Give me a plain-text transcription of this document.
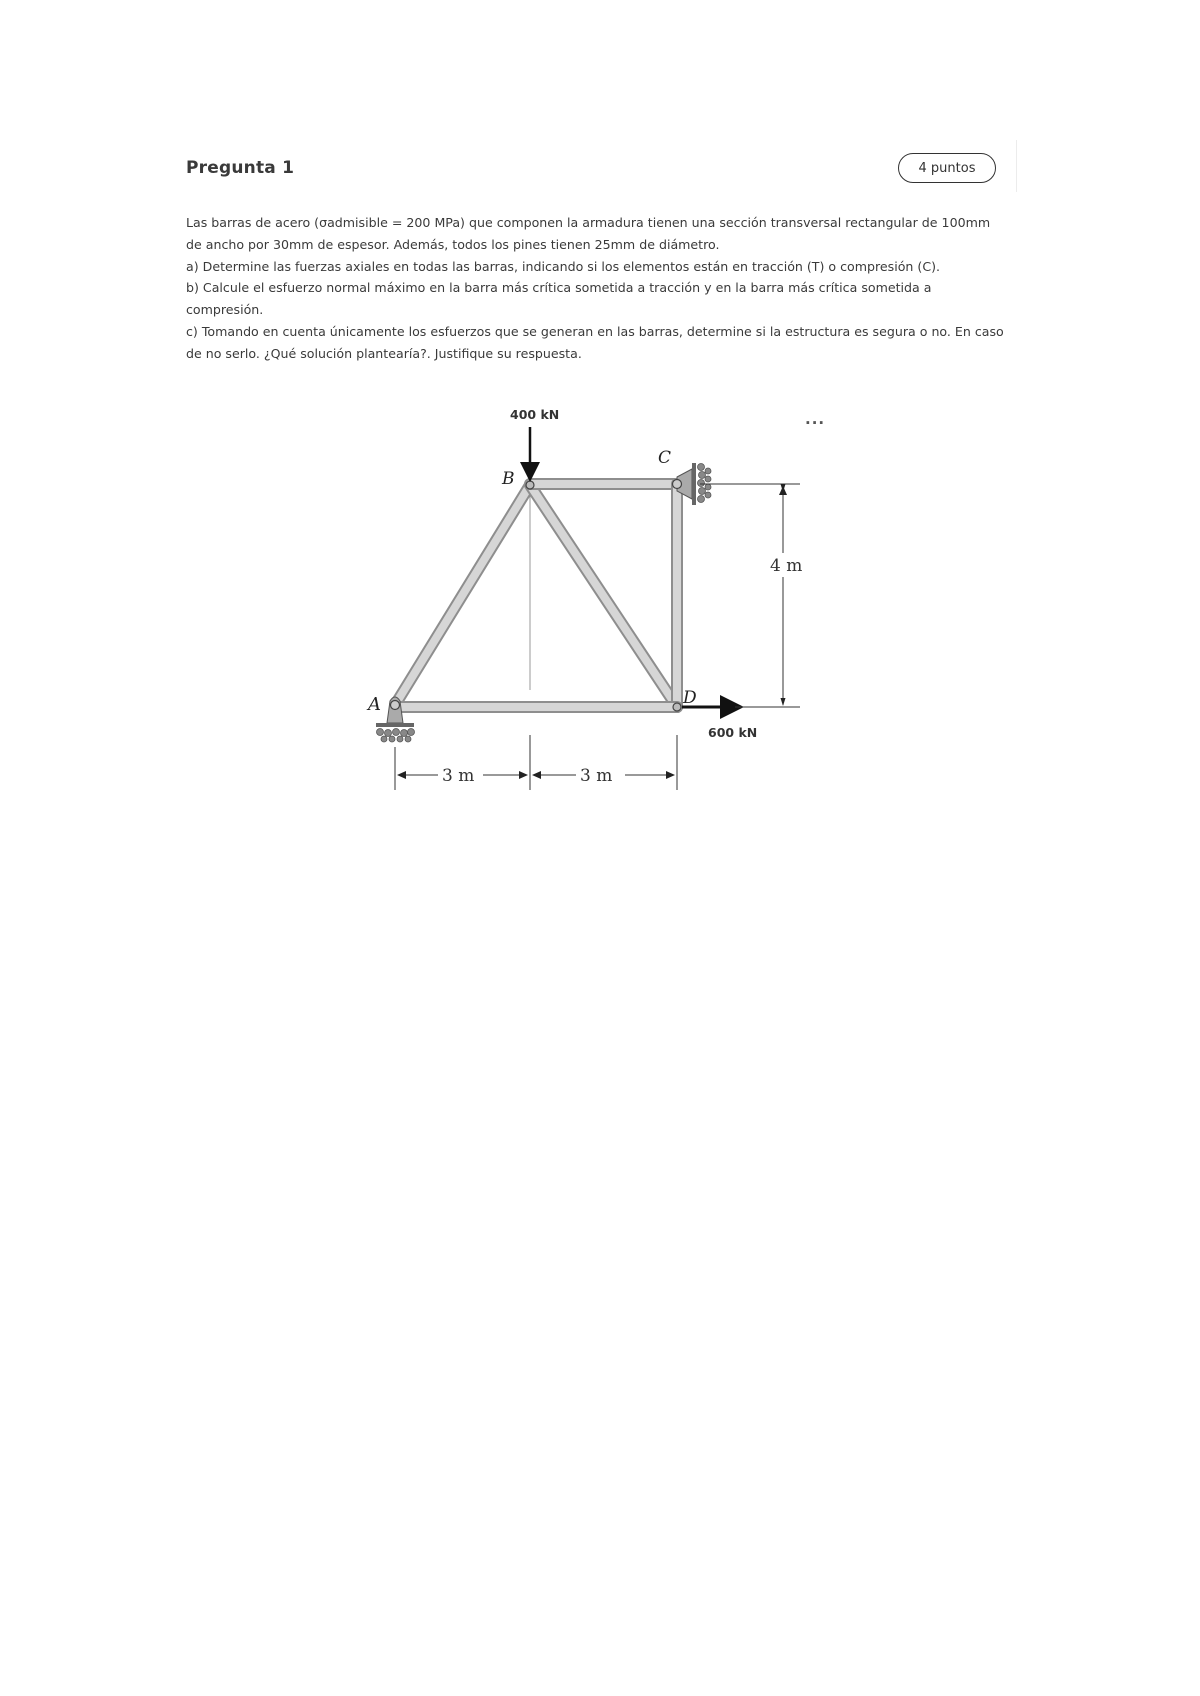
Pregunta 1	4 puntos

Las barras de acero (σadmisible = 200 MPa) que componen la armadura tienen una sección transversal rectangular de 100mm de ancho por 30mm de espesor. Además, todos los pines tienen 25mm de diámetro.

a) Determine las fuerzas axiales en todas las barras, indicando si los elementos están en tracción (T) o compresión (C).

b) Calcule el esfuerzo normal máximo en la barra más crítica sometida a tracción y en la barra más crítica sometida a compresión.

c) Tomando en cuenta únicamente los esfuerzos que se generan en las barras, determine si la estructura es segura o no. En caso de no serlo. ¿Qué solución plantearía?. Justifique su respuesta.

...
400 kN
600 kN
A
B
C
D
4 m
3 m	3 m
